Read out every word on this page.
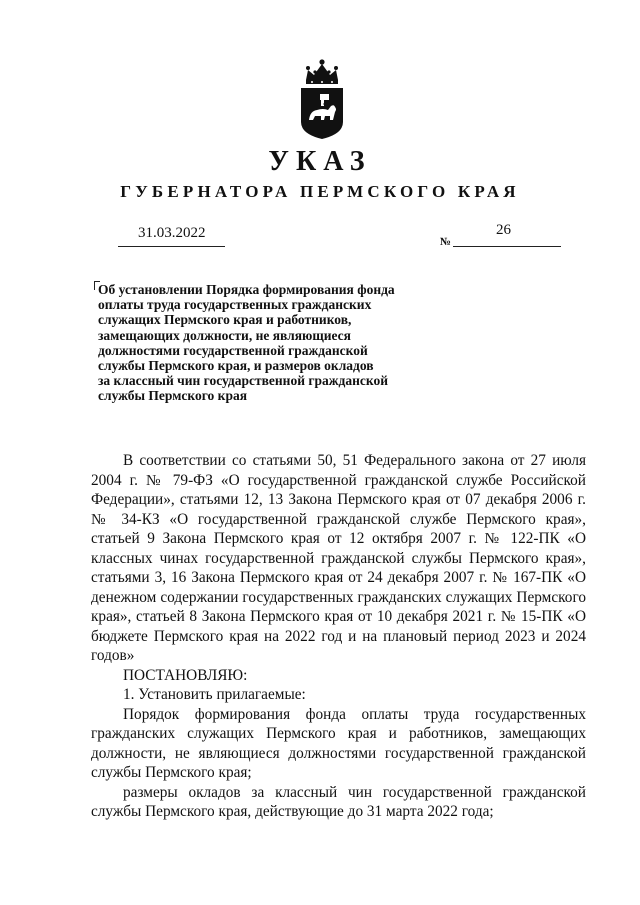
УКАЗ
ГУБЕРНАТОРА ПЕРМСКОГО КРАЯ
31.03.2022
№
26

Об установлении Порядка формирования фонда
оплаты труда государственных гражданских
служащих Пермского края и работников,
замещающих должности, не являющиеся
должностями государственной гражданской
службы Пермского края, и размеров окладов
за классный чин государственной гражданской
службы Пермского края

В соответствии со статьями 50, 51 Федерального закона от 27 июля 2004 г. № 79-ФЗ «О государственной гражданской службе Российской Федерации», статьями 12, 13 Закона Пермского края от 07 декабря 2006 г. № 34-КЗ «О государственной гражданской службе Пермского края», статьей 9 Закона Пермского края от 12 октября 2007 г. № 122-ПК «О классных чинах государственной гражданской службы Пермского края», статьями 3, 16 Закона Пермского края от 24 декабря 2007 г. № 167-ПК «О денежном содержании государственных гражданских служащих Пермского края», статьей 8 Закона Пермского края от 10 декабря 2021 г. № 15-ПК «О бюджете Пермского края на 2022 год и на плановый период 2023 и 2024 годов»

ПОСТАНОВЛЯЮ:

1. Установить прилагаемые:

Порядок формирования фонда оплаты труда государственных гражданских служащих Пермского края и работников, замещающих должности, не являющиеся должностями государственной гражданской службы Пермского края;

размеры окладов за классный чин государственной гражданской службы Пермского края, действующие до 31 марта 2022 года;
